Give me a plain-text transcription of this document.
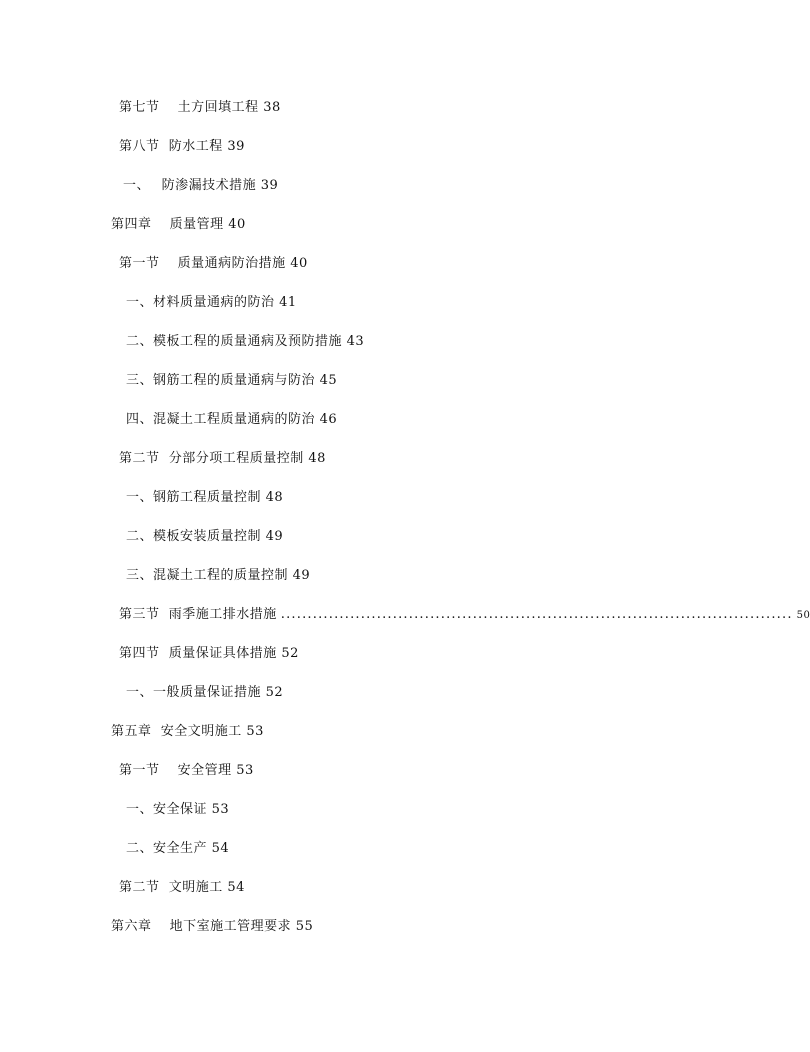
第七节　 土方回填工程 38
第八节  防水工程 39
一、　 防渗漏技术措施 39
第四章　 质量管理 40
第一节　 质量通病防治措施 40
一、材料质量通病的防治 41
二、模板工程的质量通病及预防措施 43
三、钢筋工程的质量通病与防治 45
四、混凝土工程质量通病的防治 46
第二节  分部分项工程质量控制 48
一、钢筋工程质量控制 48
二、模板安装质量控制 49
三、混凝土工程的质量控制 49
第三节  雨季施工排水措施 ................................................................................................ 50
第四节  质量保证具体措施 52
一、一般质量保证措施 52
第五章  安全文明施工 53
第一节　 安全管理 53
一、安全保证 53
二、安全生产 54
第二节  文明施工 54
第六章　 地下室施工管理要求 55
